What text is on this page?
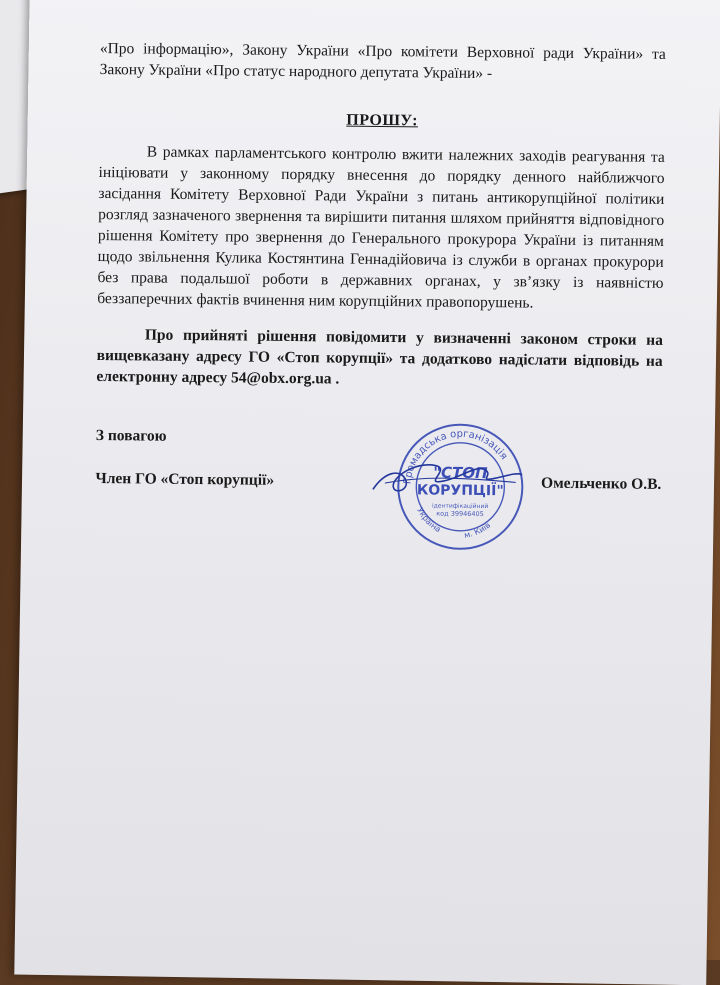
«Про інформацію», Закону України «Про комітети Верховної ради України» та Закону України «Про статус народного депутата України» -

ПРОШУ:

В рамках парламентського контролю вжити належних заходів реагування та ініціювати у законному порядку внесення до порядку денного найближчого засідання Комітету Верховної Ради України з питань антикорупційної політики розгляд зазначеного звернення та вирішити питання шляхом прийняття відповідного рішення Комітету про звернення до Генерального прокурора України із питанням щодо звільнення Кулика Костянтина Геннадійовича із служби в органах прокурори без права подальшої роботи в державних органах, у звʼязку із наявністю беззаперечних фактів вчинення ним корупційних правопорушень.

Про прийняті рішення повідомити у визначенні законом строки на вищевказану адресу ГО «Стоп корупції» та додатково надіслати відповідь на електронну адресу 54@obx.org.ua .

З повагою

Член ГО «Стоп корупції»	Громадська організація
Україна
м. Київ
"СТОП
КОРУПЦІЇ"
ідентифікаційний
код 39946405
Омельченко О.В.
